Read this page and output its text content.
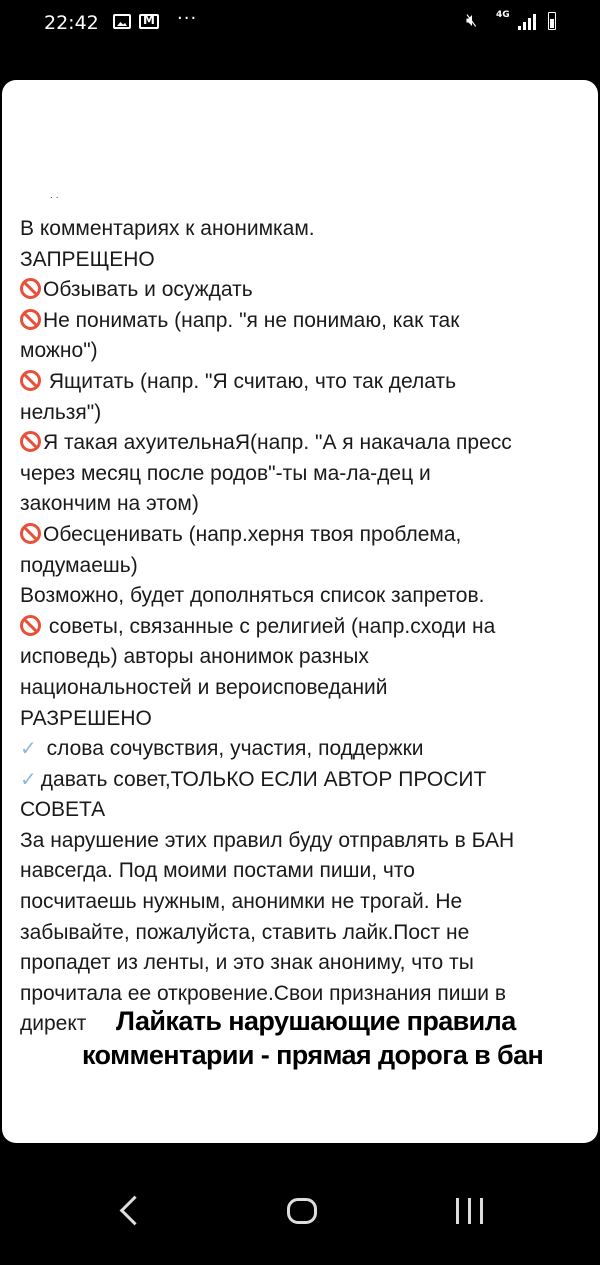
22:42
M	···	🔇︎ 4G
..
В комментариях к анонимкам.
ЗАПРЕЩЕНО
Обзывать и осуждать
Не понимать (напр. "я не понимаю, как так
можно")
Ящитать (напр. "Я считаю, что так делать
нельзя")
Я такая ахуительнаЯ(напр. "А я накачала пресс
через месяц после родов"-ты ма-ла-дец и
закончим на этом)
Обесценивать (напр.херня твоя проблема,
подумаешь)
Возможно, будет дополняться список запретов.
советы, связанные с религией (напр.сходи на
исповедь) авторы анонимок разных
национальностей и вероисповеданий
РАЗРЕШЕНО
✓ слова сочувствия, участия, поддержки
✓ давать совет,ТОЛЬКО ЕСЛИ АВТОР ПРОСИТ
СОВЕТА
За нарушение этих правил буду отправлять в БАН
навсегда. Под моими постами пиши, что
посчитаешь нужным, анонимки не трогай. Не
забывайте, пожалуйста, ставить лайк.Пост не
пропадет из ленты, и это знак анониму, что ты
прочитала ее откровение.Свои признания пиши в
директ Лайкать нарушающие правила
комментарии - прямая дорога в бан
